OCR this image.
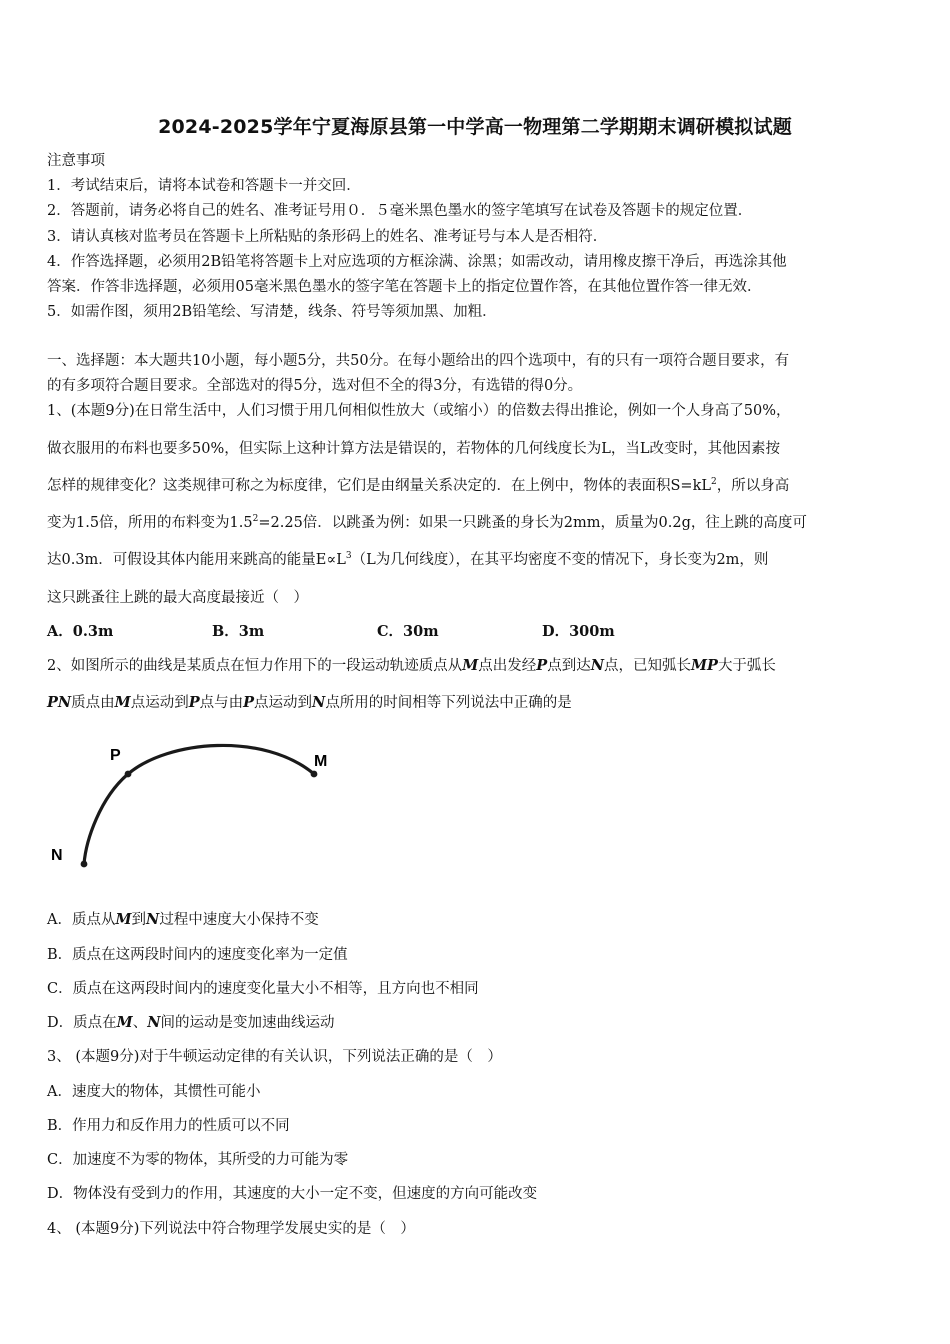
2024-2025学年宁夏海原县第一中学高一物理第二学期期末调研模拟试题
注意事项
1．考试结束后，请将本试卷和答题卡一并交回．
2．答题前，请务必将自己的姓名、准考证号用０．５毫米黑色墨水的签字笔填写在试卷及答题卡的规定位置．
3．请认真核对监考员在答题卡上所粘贴的条形码上的姓名、准考证号与本人是否相符．
4．作答选择题，必须用2B铅笔将答题卡上对应选项的方框涂满、涂黑；如需改动，请用橡皮擦干净后，再选涂其他
答案．作答非选择题，必须用05毫米黑色墨水的签字笔在答题卡上的指定位置作答，在其他位置作答一律无效．
5．如需作图，须用2B铅笔绘、写清楚，线条、符号等须加黑、加粗．
一、选择题：本大题共10小题，每小题5分，共50分。在每小题给出的四个选项中，有的只有一项符合题目要求，有
的有多项符合题目要求。全部选对的得5分，选对但不全的得3分，有选错的得0分。
1、(本题9分)在日常生活中，人们习惯于用几何相似性放大（或缩小）的倍数去得出推论，例如一个人身高了50%，
做衣服用的布料也要多50%，但实际上这种计算方法是错误的，若物体的几何线度长为L，当L改变时，其他因素按
怎样的规律变化？这类规律可称之为标度律，它们是由纲量关系决定的．在上例中，物体的表面积$S=kL^2$，所以身高
变为1.5倍，所用的布料变为$1.5^2=2.25$倍．以跳蚤为例：如果一只跳蚤的身长为2mm，质量为0.2g，往上跳的高度可
达0.3m．可假设其体内能用来跳高的能量$E\propto L^3(L$为几何线度），在其平均密度不变的情况下，身长变为2m，则
这只跳蚤往上跳的最大高度最接近（　）
A．0.3m	B．3m	C．30m	D．300m
2、如图所示的曲线是某质点在恒力作用下的一段运动轨迹质点从M点出发经P点到达N点，已知弧长MP大于弧长
PN质点由M点运动到P点与由P点运动到N点所用的时间相等下列说法中正确的是
P	M
N
A．质点从M到N过程中速度大小保持不变
B．质点在这两段时间内的速度变化率为一定值
C．质点在这两段时间内的速度变化量大小不相等，且方向也不相同
D．质点在M、N间的运动是变加速曲线运动
3、 (本题9分)对于牛顿运动定律的有关认识，下列说法正确的是（　）
A．速度大的物体，其惯性可能小
B．作用力和反作用力的性质可以不同
C．加速度不为零的物体，其所受的力可能为零
D．物体没有受到力的作用，其速度的大小一定不变，但速度的方向可能改变
4、 (本题9分)下列说法中符合物理学发展史实的是（　）
